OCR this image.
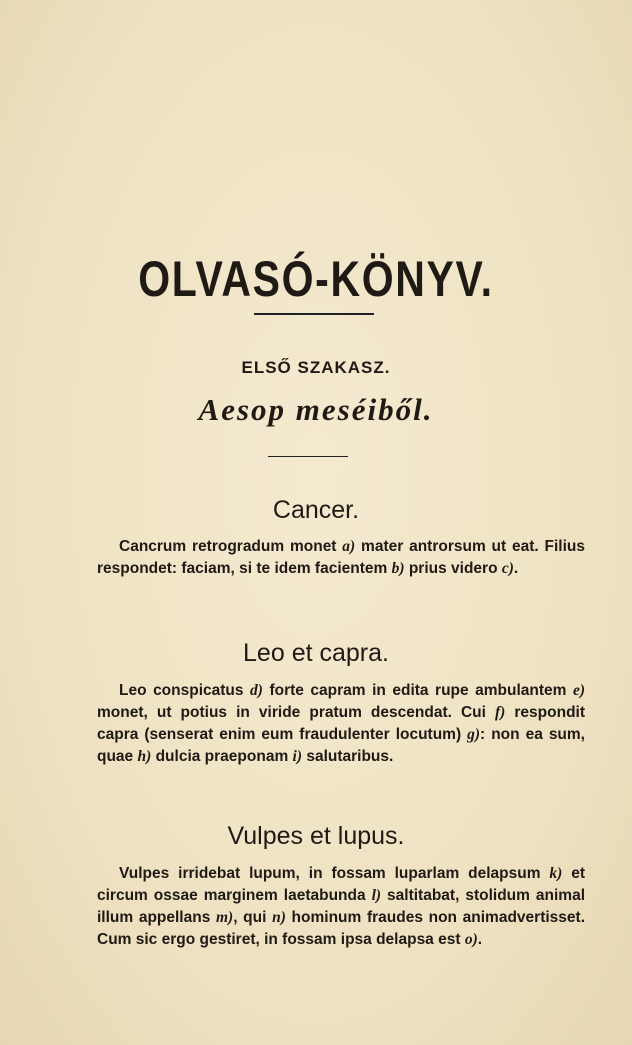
OLVASÓ-KÖNYV.
ELSŐ SZAKASZ.
Aesop meséiből.
Cancer.
Cancrum retrogradum monet a) mater antrorsum ut eat. Filius respondet: faciam, si te idem facientem b) prius videro c).
Leo et capra.
Leo conspicatus d) forte capram in edita rupe ambulantem e) monet, ut potius in viride pratum descendat. Cui f) respondit capra (senserat enim eum fraudulenter locutum) g): non ea sum, quae h) dulcia praeponam i) salutaribus.
Vulpes et lupus.
Vulpes irridebat lupum, in fossam luparlam delapsum k) et circum ossae marginem laetabunda l) saltitabat, stolidum animal illum appellans m), qui n) hominum fraudes non animadvertisset. Cum sic ergo gestiret, in fossam ipsa delapsa est o).
